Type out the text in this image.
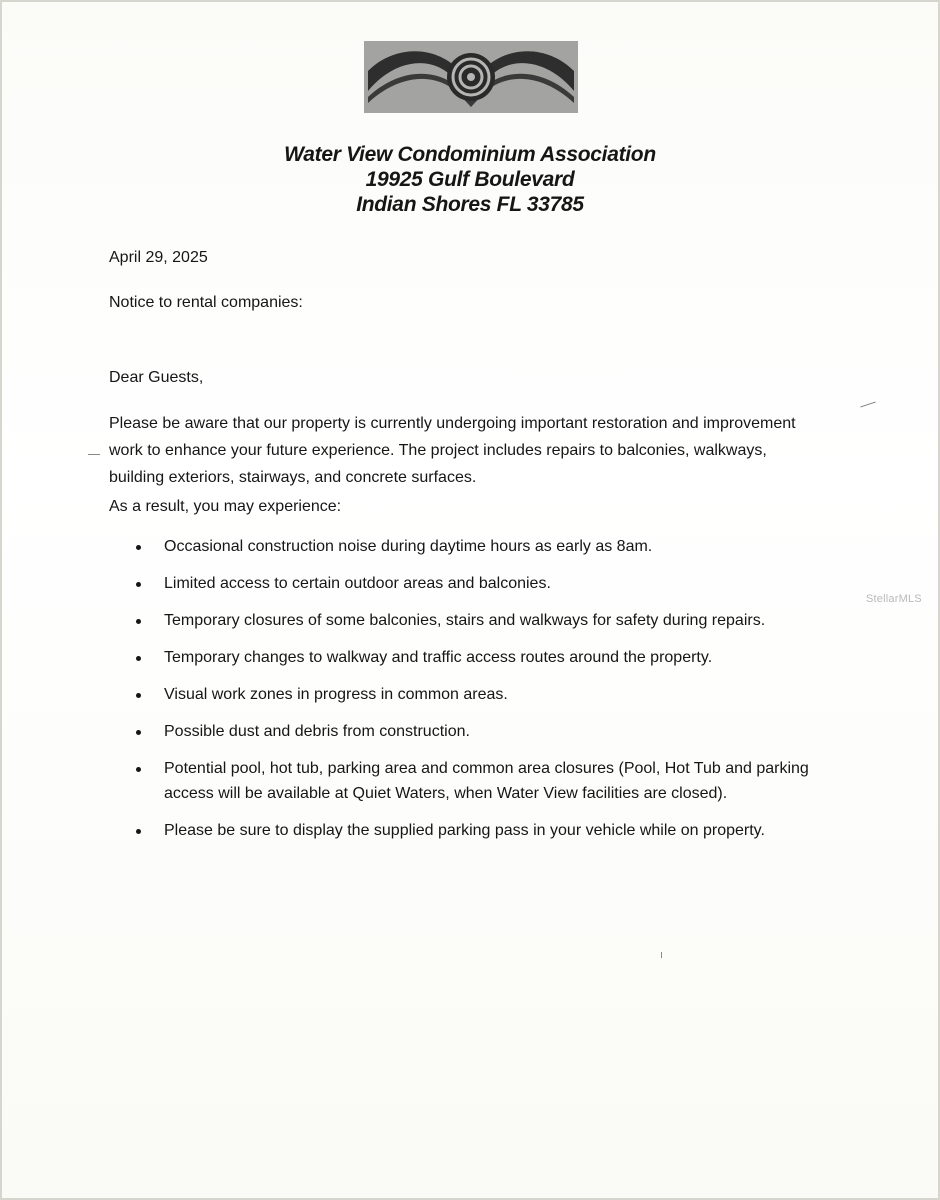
Water View Condominium Association
19925 Gulf Boulevard
Indian Shores FL 33785
April 29, 2025
Notice to rental companies:
Dear Guests,

Please be aware that our property is currently undergoing important restoration and improvement work to enhance your future experience. The project includes repairs to balconies, walkways, building exteriors, stairways, and concrete surfaces.

As a result, you may experience:
Occasional construction noise during daytime hours as early as 8am.
Limited access to certain outdoor areas and balconies.
Temporary closures of some balconies, stairs and walkways for safety during repairs.
Temporary changes to walkway and traffic access routes around the property.
Visual work zones in progress in common areas.
Possible dust and debris from construction.
Potential pool, hot tub, parking area and common area closures (Pool, Hot Tub and parking access will be available at Quiet Waters, when Water View facilities are closed).
Please be sure to display the supplied parking pass in your vehicle while on property.
StellarMLS
